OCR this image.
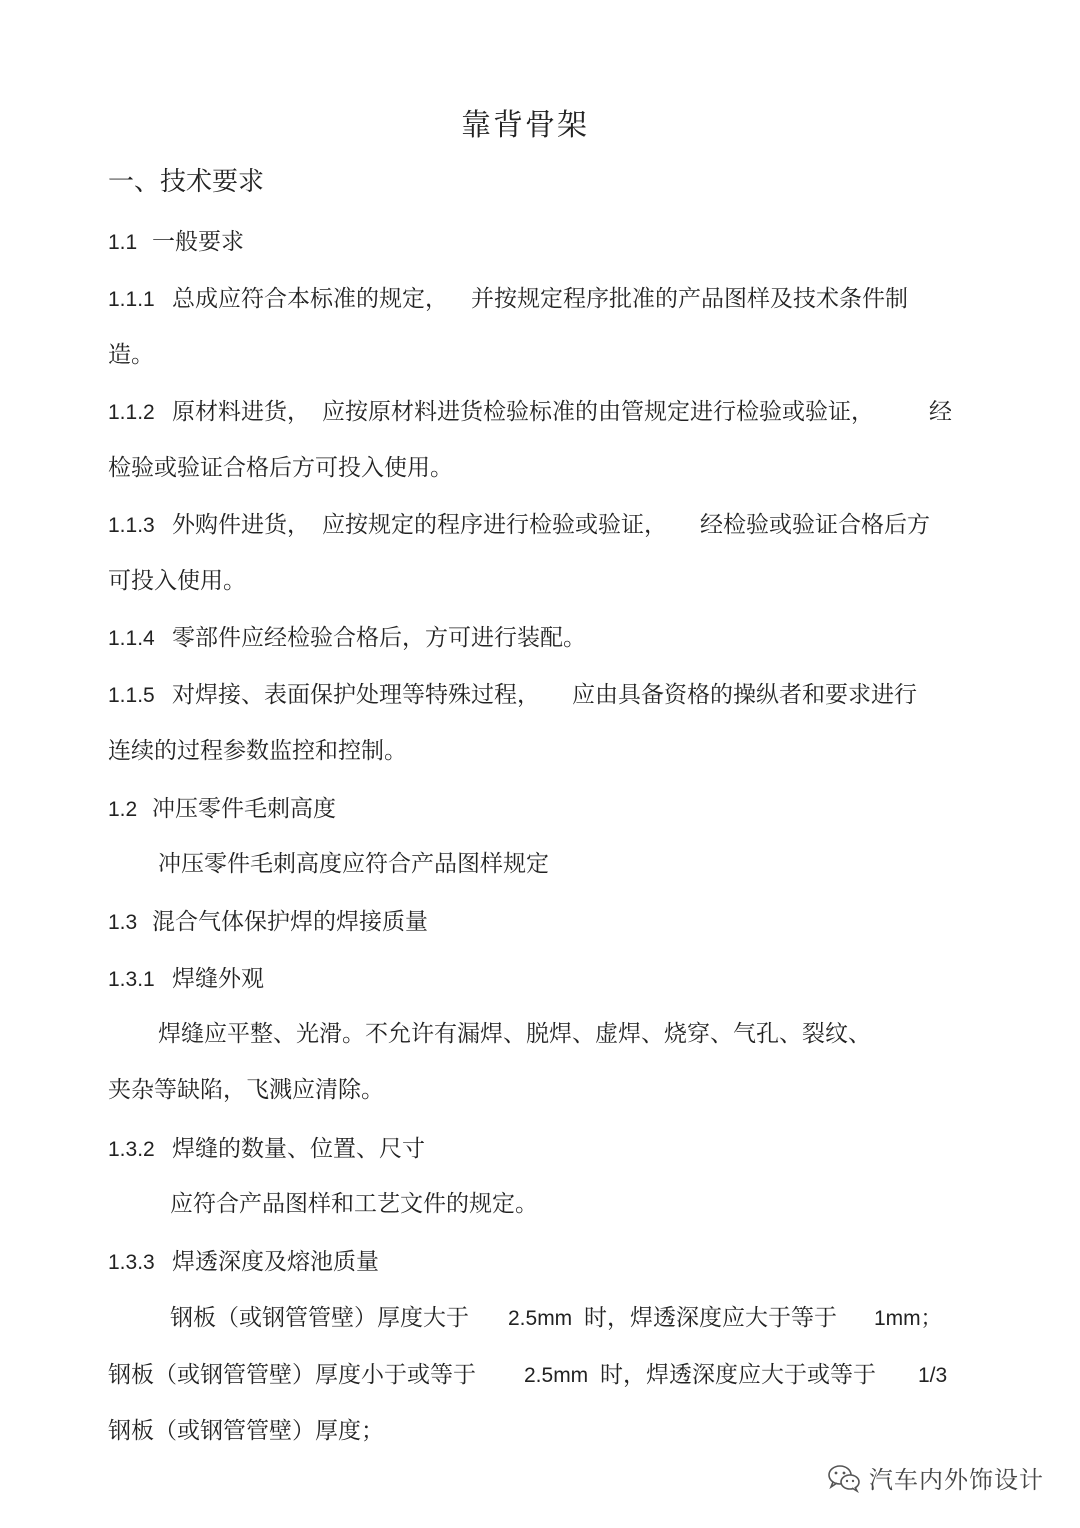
靠背骨架
一、技术要求
1.1 一般要求
1.1.1 总成应符合本标准的规定， 并按规定程序批准的产品图样及技术条件制
造。
1.1.2 原材料进货， 应按原材料进货检验标准的由管规定进行检验或验证， 经
检验或验证合格后方可投入使用。
1.1.3 外购件进货， 应按规定的程序进行检验或验证， 经检验或验证合格后方
可投入使用。
1.1.4 零部件应经检验合格后，方可进行装配。
1.1.5 对焊接、表面保护处理等特殊过程， 应由具备资格的操纵者和要求进行
连续的过程参数监控和控制。
1.2 冲压零件毛刺高度
冲压零件毛刺高度应符合产品图样规定
1.3 混合气体保护焊的焊接质量
1.3.1 焊缝外观
焊缝应平整、光滑。不允许有漏焊、脱焊、虚焊、烧穿、气孔、裂纹、
夹杂等缺陷，飞溅应清除。
1.3.2 焊缝的数量、位置、尺寸
应符合产品图样和工艺文件的规定。
1.3.3 焊透深度及熔池质量
钢板（或钢管管壁）厚度大于 2.5mm 时，焊透深度应大于等于 1mm；
钢板（或钢管管壁）厚度小于或等于 2.5mm 时，焊透深度应大于或等于 1/3
钢板（或钢管管壁）厚度；
汽车内外饰设计
